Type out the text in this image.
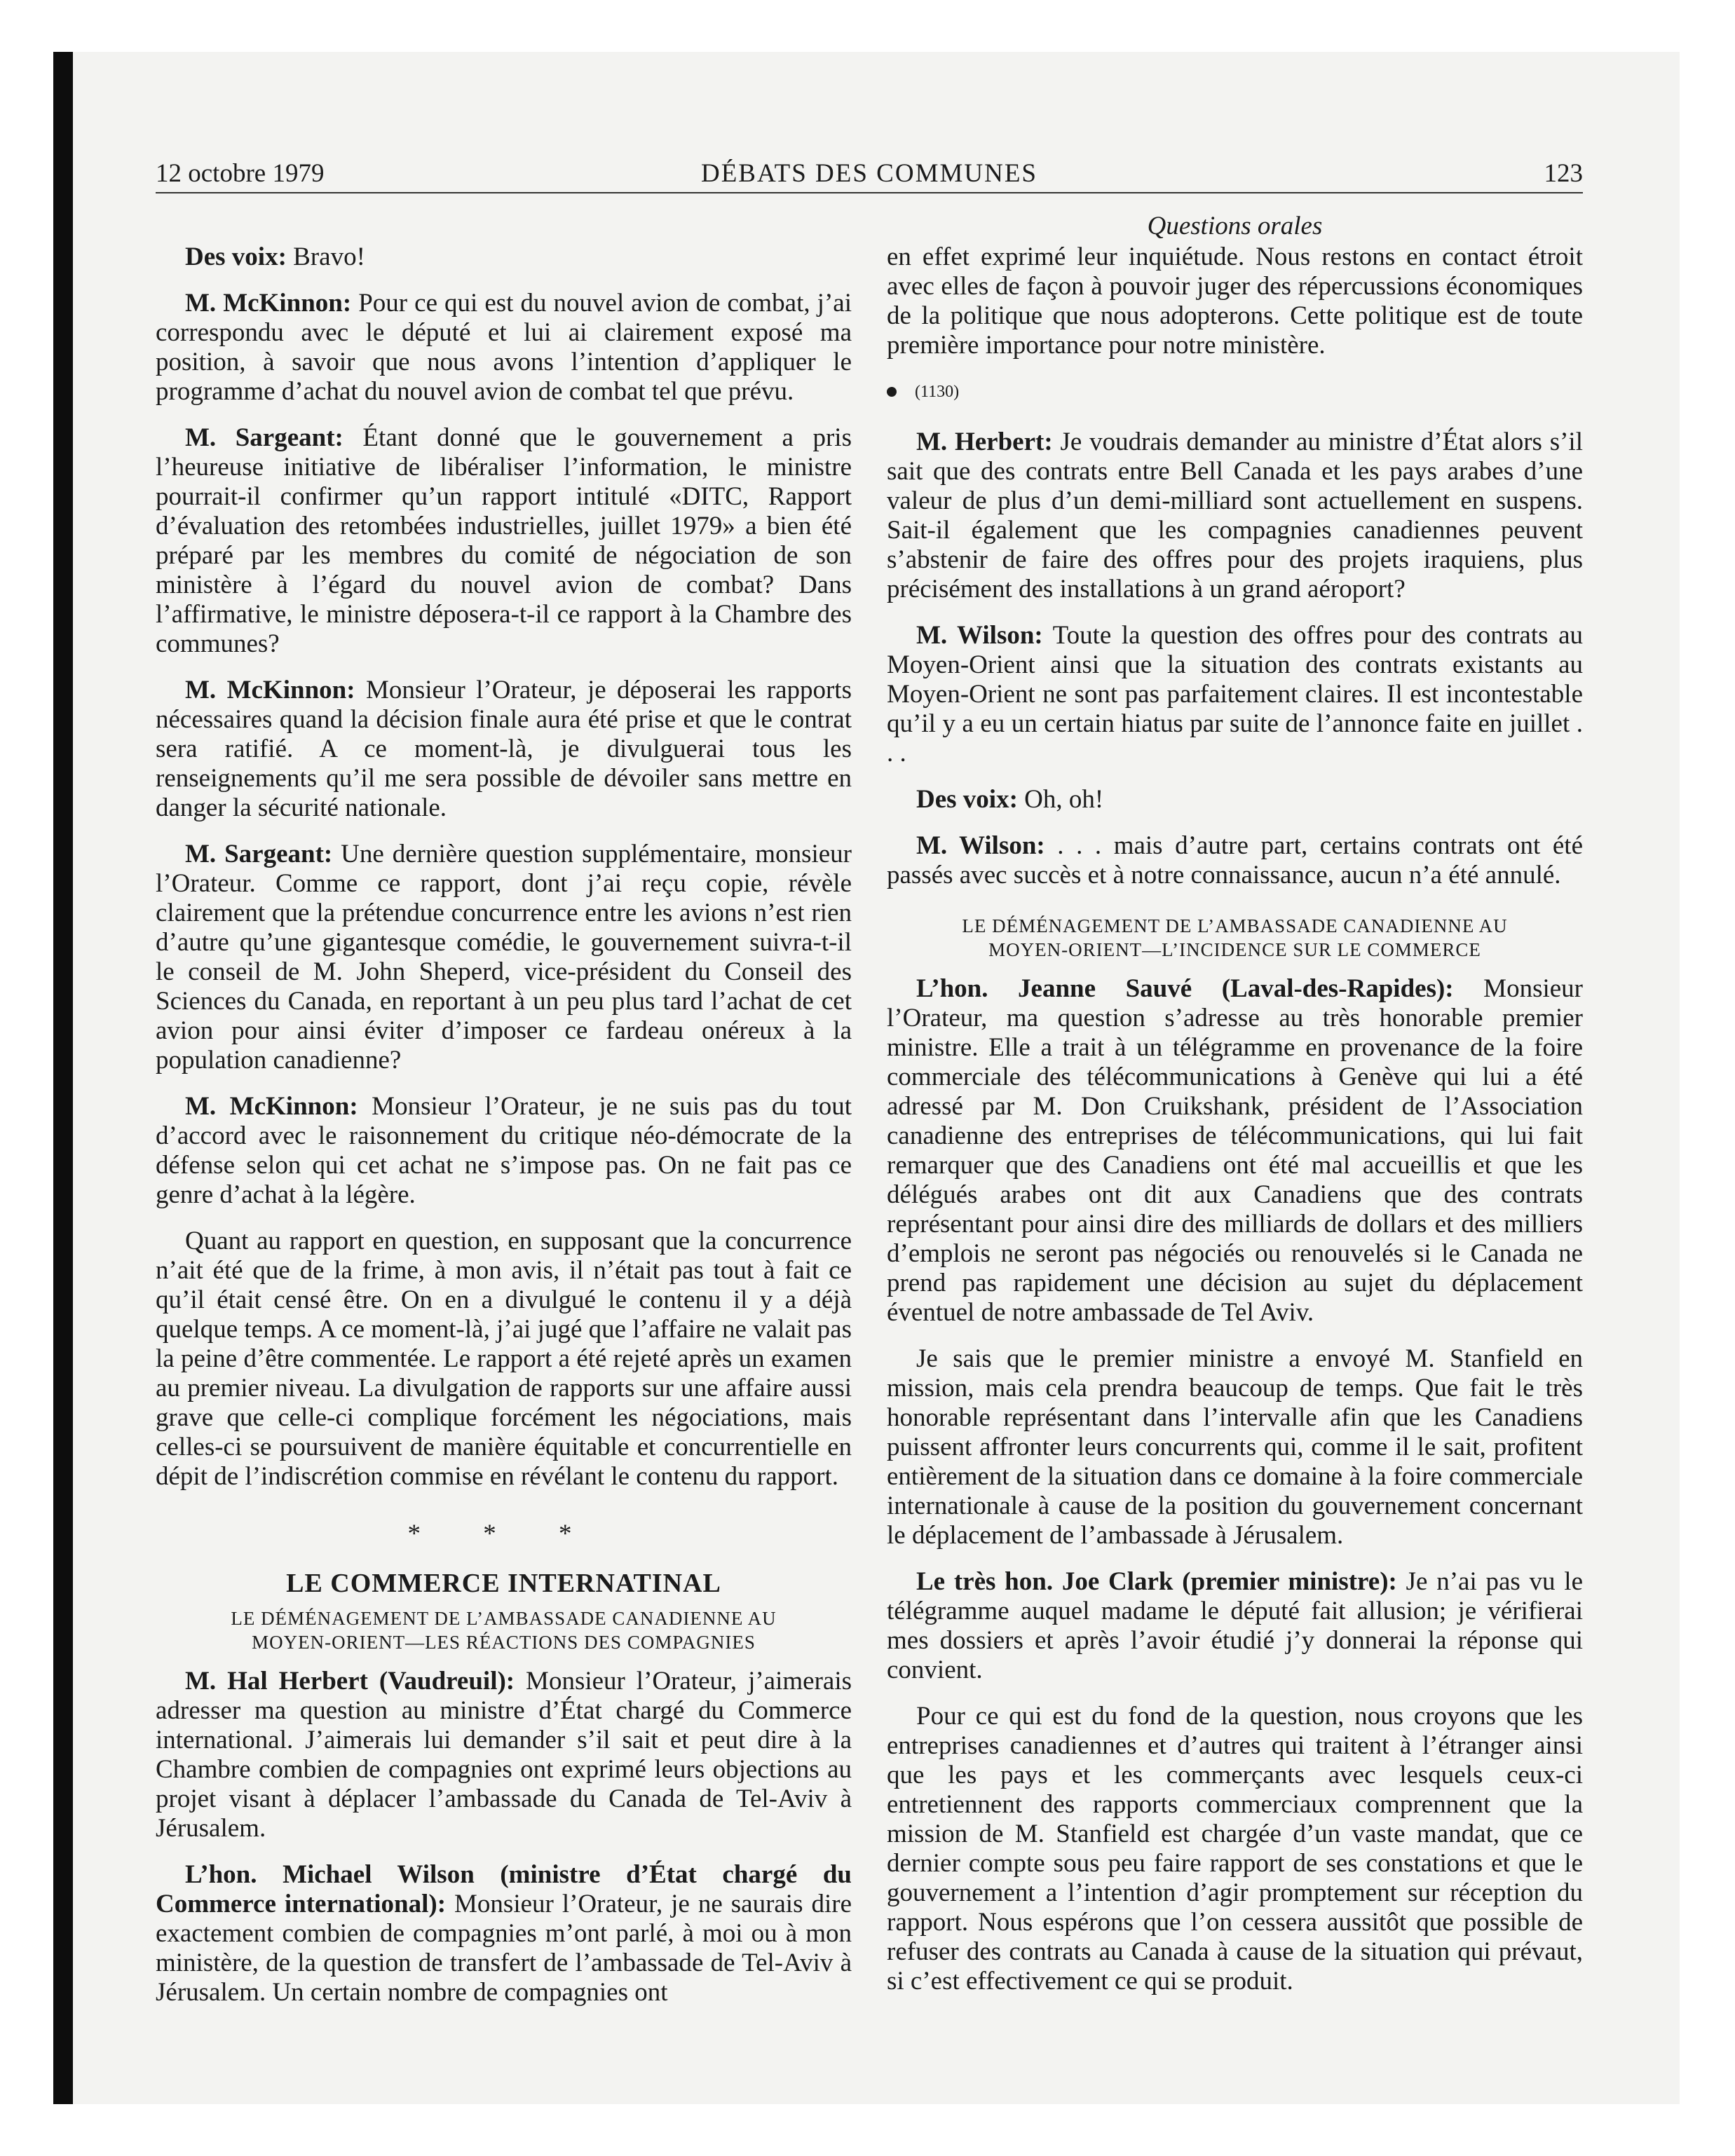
12 octobre 1979	DÉBATS DES COMMUNES	123
Questions orales

Des voix: Bravo!

M. McKinnon: Pour ce qui est du nouvel avion de combat, j’ai correspondu avec le député et lui ai clairement exposé ma position, à savoir que nous avons l’intention d’appliquer le programme d’achat du nouvel avion de combat tel que prévu.

M. Sargeant: Étant donné que le gouvernement a pris l’heureuse initiative de libéraliser l’information, le ministre pourrait-il confirmer qu’un rapport intitulé «DITC, Rapport d’évaluation des retombées industrielles, juillet 1979» a bien été préparé par les membres du comité de négociation de son ministère à l’égard du nouvel avion de combat? Dans l’affirmative, le ministre déposera-t-il ce rapport à la Chambre des communes?

M. McKinnon: Monsieur l’Orateur, je déposerai les rapports nécessaires quand la décision finale aura été prise et que le contrat sera ratifié. A ce moment-là, je divulguerai tous les renseignements qu’il me sera possible de dévoiler sans mettre en danger la sécurité nationale.

M. Sargeant: Une dernière question supplémentaire, monsieur l’Orateur. Comme ce rapport, dont j’ai reçu copie, révèle clairement que la prétendue concurrence entre les avions n’est rien d’autre qu’une gigantesque comédie, le gouvernement suivra-t-il le conseil de M. John Sheperd, vice-président du Conseil des Sciences du Canada, en reportant à un peu plus tard l’achat de cet avion pour ainsi éviter d’imposer ce fardeau onéreux à la population canadienne?

M. McKinnon: Monsieur l’Orateur, je ne suis pas du tout d’accord avec le raisonnement du critique néo-démocrate de la défense selon qui cet achat ne s’impose pas. On ne fait pas ce genre d’achat à la légère.

Quant au rapport en question, en supposant que la concurrence n’ait été que de la frime, à mon avis, il n’était pas tout à fait ce qu’il était censé être. On en a divulgué le contenu il y a déjà quelque temps. A ce moment-là, j’ai jugé que l’affaire ne valait pas la peine d’être commentée. Le rapport a été rejeté après un examen au premier niveau. La divulgation de rapports sur une affaire aussi grave que celle-ci complique forcément les négociations, mais celles-ci se poursuivent de manière équitable et concurrentielle en dépit de l’indiscrétion commise en révélant le contenu du rapport.

* * *
LE COMMERCE INTERNATINAL
LE DÉMÉNAGEMENT DE L’AMBASSADE CANADIENNE AU
MOYEN-ORIENT—LES RÉACTIONS DES COMPAGNIES

M. Hal Herbert (Vaudreuil): Monsieur l’Orateur, j’aimerais adresser ma question au ministre d’État chargé du Commerce international. J’aimerais lui demander s’il sait et peut dire à la Chambre combien de compagnies ont exprimé leurs objections au projet visant à déplacer l’ambassade du Canada de Tel-Aviv à Jérusalem.

L’hon. Michael Wilson (ministre d’État chargé du Commerce international): Monsieur l’Orateur, je ne saurais dire exactement combien de compagnies m’ont parlé, à moi ou à mon ministère, de la question de transfert de l’ambassade de Tel-Aviv à Jérusalem. Un certain nombre de compagnies ont

en effet exprimé leur inquiétude. Nous restons en contact étroit avec elles de façon à pouvoir juger des répercussions économiques de la politique que nous adopterons. Cette politique est de toute première importance pour notre ministère.

(1130)

M. Herbert: Je voudrais demander au ministre d’État alors s’il sait que des contrats entre Bell Canada et les pays arabes d’une valeur de plus d’un demi-milliard sont actuellement en suspens. Sait-il également que les compagnies canadiennes peuvent s’abstenir de faire des offres pour des projets iraquiens, plus précisément des installations à un grand aéroport?

M. Wilson: Toute la question des offres pour des contrats au Moyen-Orient ainsi que la situation des contrats existants au Moyen-Orient ne sont pas parfaitement claires. Il est incontestable qu’il y a eu un certain hiatus par suite de l’annonce faite en juillet . . .

Des voix: Oh, oh!

M. Wilson: . . . mais d’autre part, certains contrats ont été passés avec succès et à notre connaissance, aucun n’a été annulé.

LE DÉMÉNAGEMENT DE L’AMBASSADE CANADIENNE AU
MOYEN-ORIENT—L’INCIDENCE SUR LE COMMERCE

L’hon. Jeanne Sauvé (Laval-des-Rapides): Monsieur l’Orateur, ma question s’adresse au très honorable premier ministre. Elle a trait à un télégramme en provenance de la foire commerciale des télécommunications à Genève qui lui a été adressé par M. Don Cruikshank, président de l’Association canadienne des entreprises de télécommunications, qui lui fait remarquer que des Canadiens ont été mal accueillis et que les délégués arabes ont dit aux Canadiens que des contrats représentant pour ainsi dire des milliards de dollars et des milliers d’emplois ne seront pas négociés ou renouvelés si le Canada ne prend pas rapidement une décision au sujet du déplacement éventuel de notre ambassade de Tel Aviv.

Je sais que le premier ministre a envoyé M. Stanfield en mission, mais cela prendra beaucoup de temps. Que fait le très honorable représentant dans l’intervalle afin que les Canadiens puissent affronter leurs concurrents qui, comme il le sait, profitent entièrement de la situation dans ce domaine à la foire commerciale internationale à cause de la position du gouvernement concernant le déplacement de l’ambassade à Jérusalem.

Le très hon. Joe Clark (premier ministre): Je n’ai pas vu le télégramme auquel madame le député fait allusion; je vérifierai mes dossiers et après l’avoir étudié j’y donnerai la réponse qui convient.

Pour ce qui est du fond de la question, nous croyons que les entreprises canadiennes et d’autres qui traitent à l’étranger ainsi que les pays et les commerçants avec lesquels ceux-ci entretiennent des rapports commerciaux comprennent que la mission de M. Stanfield est chargée d’un vaste mandat, que ce dernier compte sous peu faire rapport de ses constations et que le gouvernement a l’intention d’agir promptement sur réception du rapport. Nous espérons que l’on cessera aussitôt que possible de refuser des contrats au Canada à cause de la situation qui prévaut, si c’est effectivement ce qui se produit.
